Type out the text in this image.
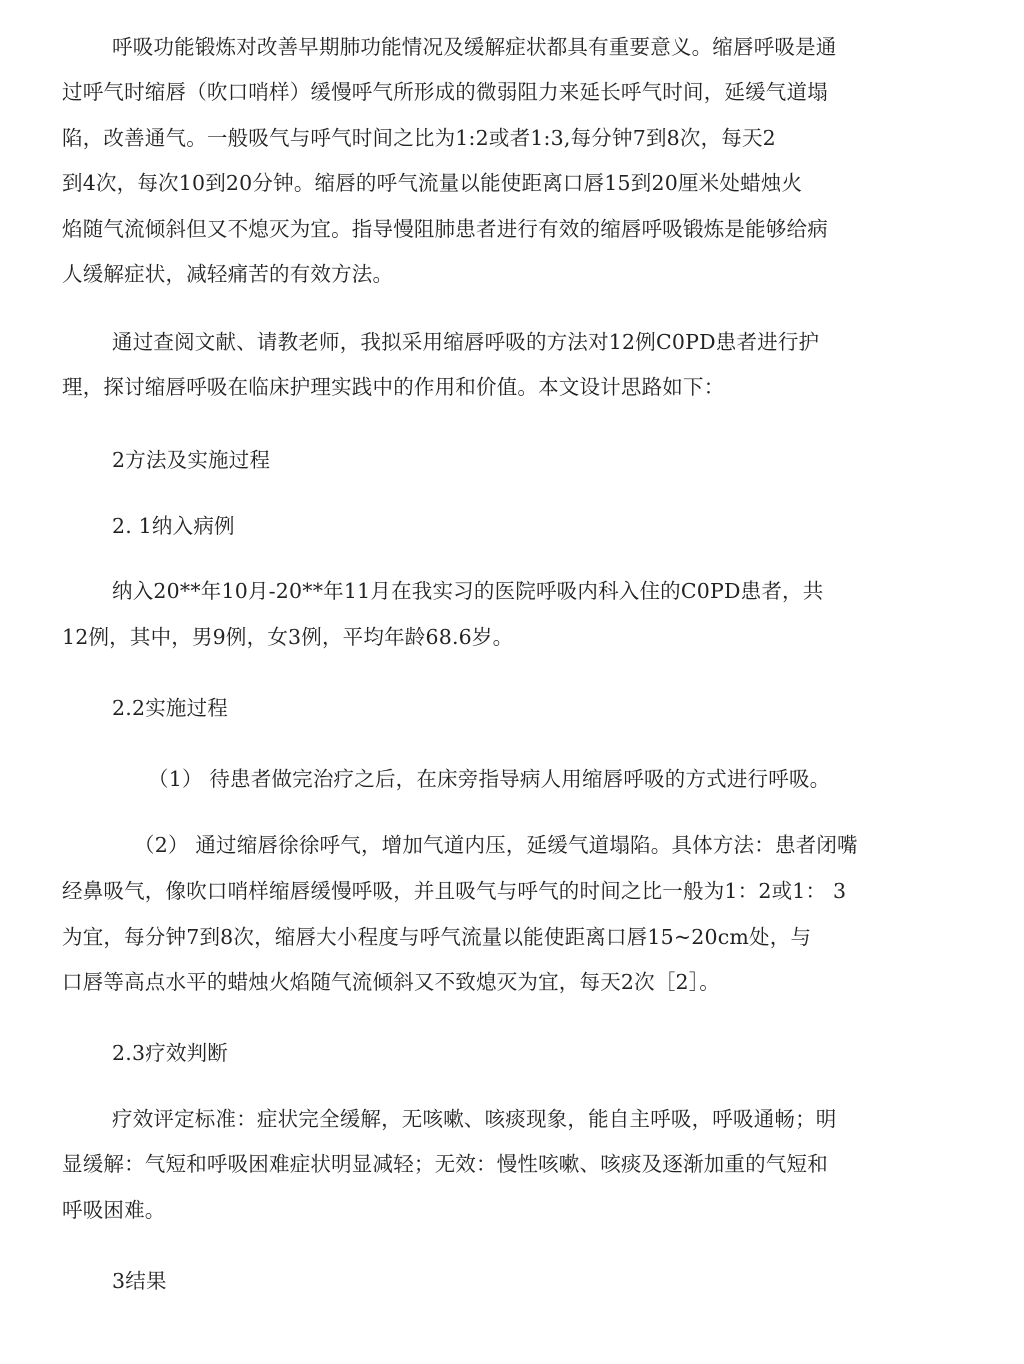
呼吸功能锻炼对改善早期肺功能情况及缓解症状都具有重要意义。缩唇呼吸是通
过呼气时缩唇（吹口哨样）缓慢呼气所形成的微弱阻力来延长呼气时间，延缓气道塌
陷，改善通气。一般吸气与呼气时间之比为1:2或者1:3,每分钟7到8次，每天2
到4次，每次10到20分钟。缩唇的呼气流量以能使距离口唇15到20厘米处蜡烛火
焰随气流倾斜但又不熄灭为宜。指导慢阻肺患者进行有效的缩唇呼吸锻炼是能够给病
人缓解症状，减轻痛苦的有效方法。
通过查阅文献、请教老师，我拟采用缩唇呼吸的方法对12例C0PD患者进行护
理，探讨缩唇呼吸在临床护理实践中的作用和价值。本文设计思路如下：
2方法及实施过程
2. 1纳入病例
纳入20**年10月-20**年11月在我实习的医院呼吸内科入住的C0PD患者，共
12例，其中，男9例，女3例，平均年龄68.6岁。
2.2实施过程
（1） 待患者做完治疗之后，在床旁指导病人用缩唇呼吸的方式进行呼吸。
（2） 通过缩唇徐徐呼气，增加气道内压，延缓气道塌陷。具体方法：患者闭嘴
经鼻吸气，像吹口哨样缩唇缓慢呼吸，并且吸气与呼气的时间之比一般为1：2或1： 3
为宜，每分钟7到8次，缩唇大小程度与呼气流量以能使距离口唇15~20cm处，与
口唇等高点水平的蜡烛火焰随气流倾斜又不致熄灭为宜，每天2次［2］。
2.3疗效判断
疗效评定标准：症状完全缓解，无咳嗽、咳痰现象，能自主呼吸，呼吸通畅；明
显缓解：气短和呼吸困难症状明显减轻；无效：慢性咳嗽、咳痰及逐渐加重的气短和
呼吸困难。
3结果
